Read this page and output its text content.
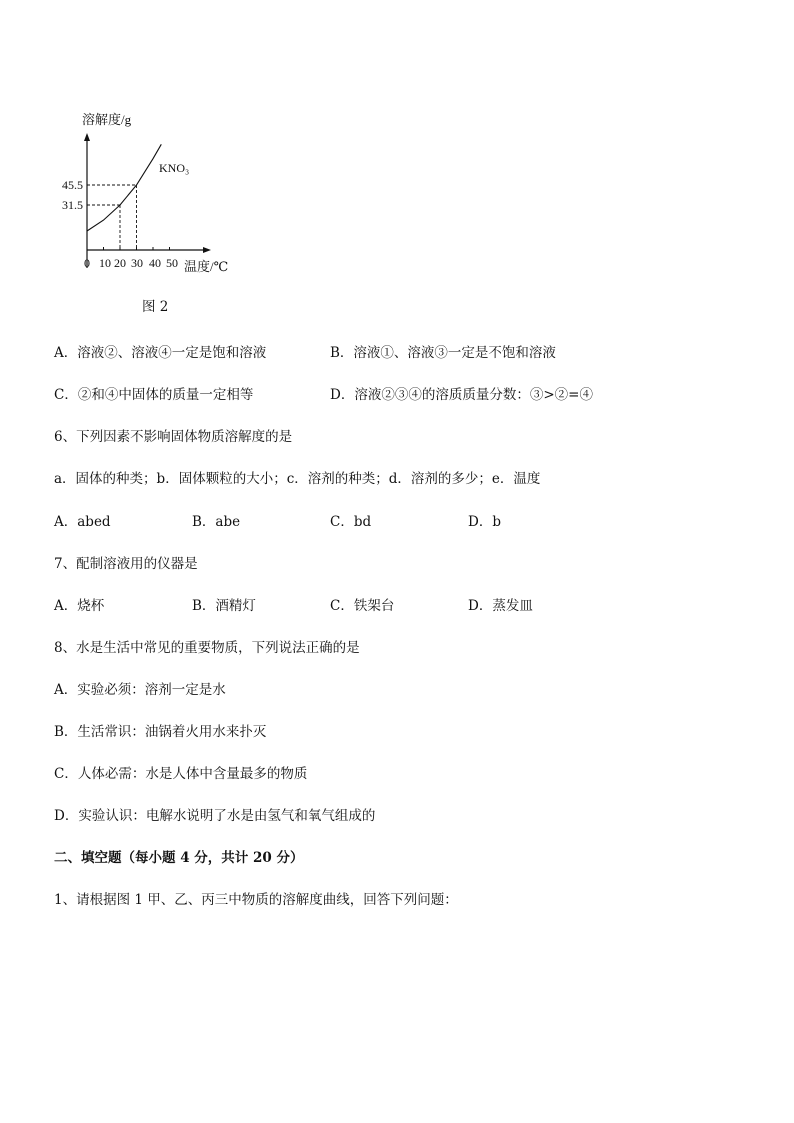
溶解度/g
45.5
31.5
0 10 20 30 40 50 温度/℃
KNO₃
图 2
A．溶液②、溶液④一定是饱和溶液	B．溶液①、溶液③一定是不饱和溶液
C．②和④中固体的质量一定相等	D．溶液②③④的溶质质量分数：③>②=④
6、下列因素不影响固体物质溶解度的是
a．固体的种类；b．固体颗粒的大小；c．溶剂的种类；d．溶剂的多少；e．温度
A．abed	B．abe	C．bd	D．b
7、配制溶液用的仪器是
A．烧杯	B．酒精灯	C．铁架台	D．蒸发皿
8、水是生活中常见的重要物质，下列说法正确的是
A．实验必须：溶剂一定是水
B．生活常识：油锅着火用水来扑灭
C．人体必需：水是人体中含量最多的物质
D．实验认识：电解水说明了水是由氢气和氧气组成的
二、填空题（每小题 4 分，共计 20 分）
1、请根据图 1 甲、乙、丙三中物质的溶解度曲线，回答下列问题：
